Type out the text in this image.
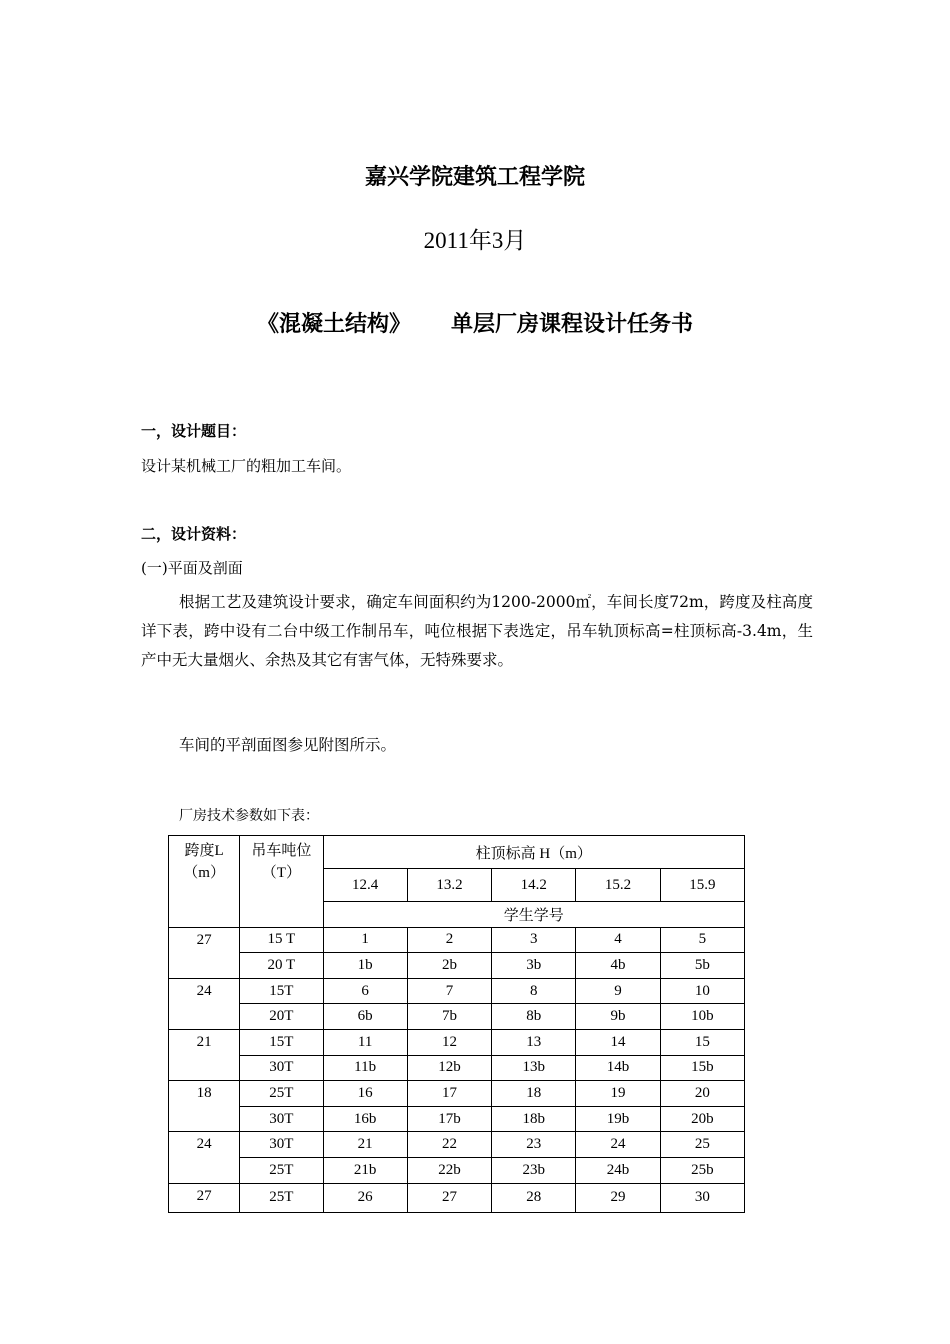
嘉兴学院建筑工程学院
2011年3月
《混凝土结构》 单层厂房课程设计任务书
一，设计题目：
设计某机械工厂的粗加工车间。
二，设计资料：
(一)平面及剖面
根据工艺及建筑设计要求，确定车间面积约为1200-2000㎡，车间长度72m，跨度及柱高度详下表，跨中设有二台中级工作制吊车，吨位根据下表选定，吊车轨顶标高=柱顶标高-3.4m，生产中无大量烟火、余热及其它有害气体，无特殊要求。
车间的平剖面图参见附图所示。
厂房技术参数如下表：
跨度L（m）	吊车吨位（T）	柱顶标高 H（m）				
		12.4	13.2	14.2	15.2	15.9
		学生学号				
27	15 T	1	2	3	4	5
	20 T	1b	2b	3b	4b	5b
24	15T	6	7	8	9	10
	20T	6b	7b	8b	9b	10b
21	15T	11	12	13	14	15
	30T	11b	12b	13b	14b	15b
18	25T	16	17	18	19	20
	30T	16b	17b	18b	19b	20b
24	30T	21	22	23	24	25
	25T	21b	22b	23b	24b	25b
27	25T	26	27	28	29	30
